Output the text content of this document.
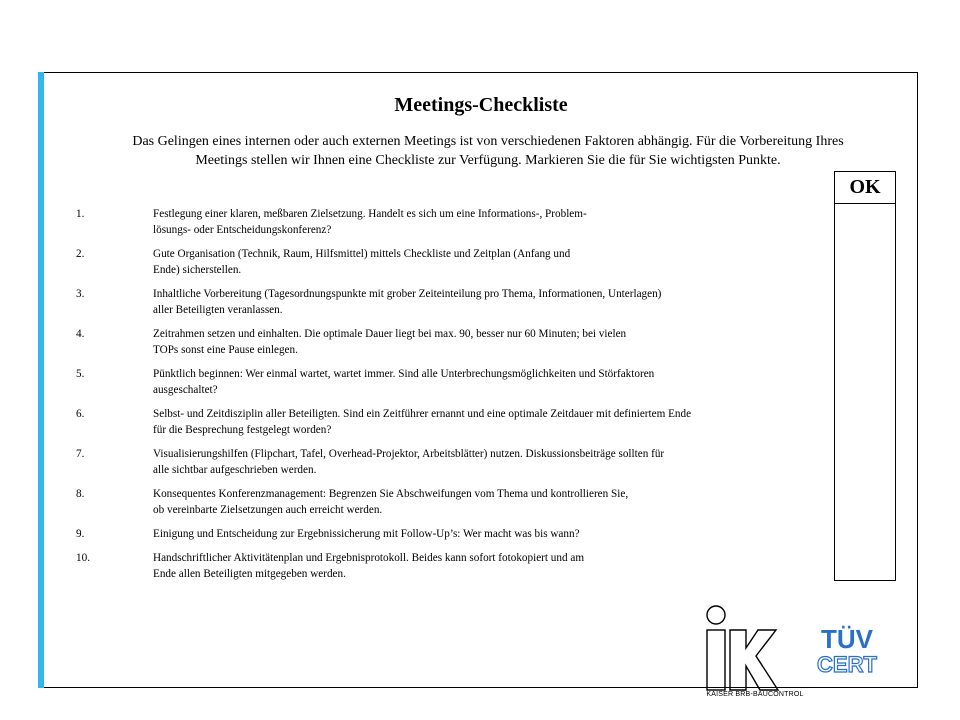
Meetings-Checkliste
Das Gelingen eines internen oder auch externen Meetings ist von verschiedenen Faktoren abhängig. Für die Vorbereitung Ihres
Meetings stellen wir Ihnen eine Checkliste zur Verfügung. Markieren Sie die für Sie wichtigsten Punkte.
OK
1.	Festlegung einer klaren, meßbaren Zielsetzung. Handelt es sich um eine Informations-, Problem-
lösungs- oder Entscheidungskonferenz?
2.	Gute Organisation (Technik, Raum, Hilfsmittel) mittels Checkliste und Zeitplan (Anfang und
Ende) sicherstellen.
3.	Inhaltliche Vorbereitung (Tagesordnungspunkte mit grober Zeiteinteilung pro Thema, Informationen, Unterlagen)
aller Beteiligten veranlassen.
4.	Zeitrahmen setzen und einhalten. Die optimale Dauer liegt bei max. 90, besser nur 60 Minuten; bei vielen
TOPs sonst eine Pause einlegen.
5.	Pünktlich beginnen: Wer einmal wartet, wartet immer. Sind alle Unterbrechungsmöglichkeiten und Störfaktoren
ausgeschaltet?
6.	Selbst- und Zeitdisziplin aller Beteiligten. Sind ein Zeitführer ernannt und eine optimale Zeitdauer mit definiertem Ende
für die Besprechung festgelegt worden?
7.	Visualisierungshilfen (Flipchart, Tafel, Overhead-Projektor, Arbeitsblätter) nutzen. Diskussionsbeiträge sollten für
alle sichtbar aufgeschrieben werden.
8.	Konsequentes Konferenzmanagement: Begrenzen Sie Abschweifungen vom Thema und kontrollieren Sie,
ob vereinbarte Zielsetzungen auch erreicht werden.
9.	Einigung und Entscheidung zur Ergebnissicherung mit Follow-Up’s: Wer macht was bis wann?
10.	Handschriftlicher Aktivitätenplan und Ergebnisprotokoll. Beides kann sofort fotokopiert und am
Ende allen Beteiligten mitgegeben werden.
KAISER BRB-BAUCONTROL
TÜV
CERT
